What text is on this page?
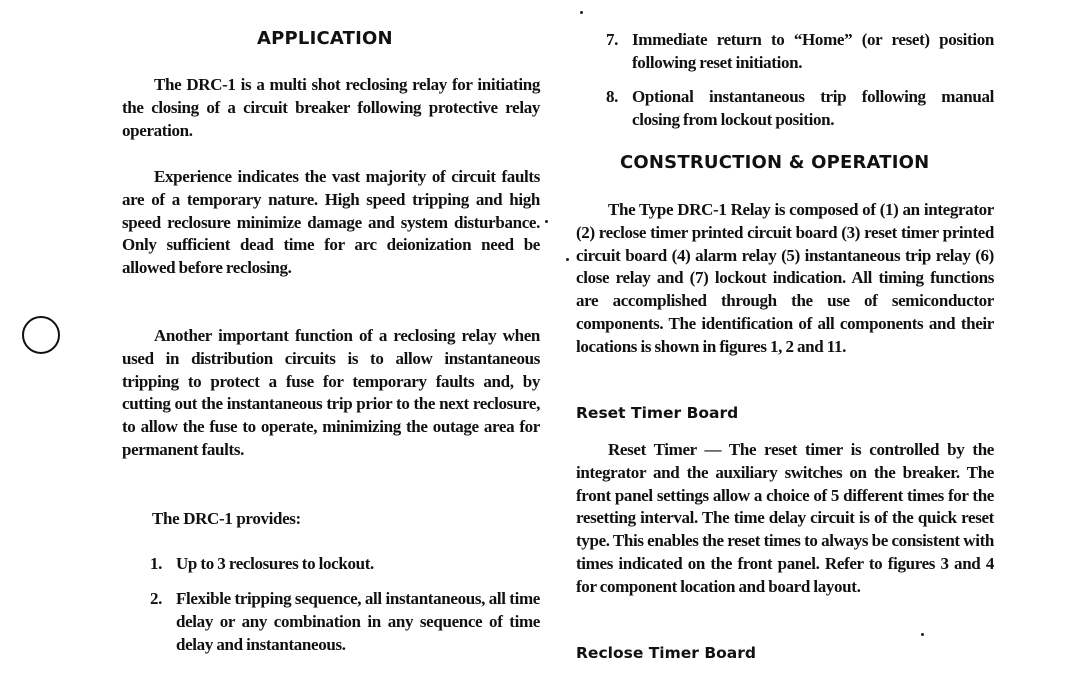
APPLICATION

The DRC-1 is a multi shot reclosing relay for initiating the closing of a circuit breaker following protective relay operation.

Experience indicates the vast majority of circuit faults are of a temporary nature. High speed tripping and high speed reclosure minimize damage and system disturbance. Only sufficient dead time for arc deionization need be allowed before reclosing.

Another important function of a reclosing relay when used in distribution circuits is to allow instantaneous tripping to protect a fuse for temporary faults and, by cutting out the instantaneous trip prior to the next reclosure, to allow the fuse to operate, minimizing the outage area for permanent faults.

The DRC-1 provides:

1. Up to 3 reclosures to lockout.
2. Flexible tripping sequence, all instantaneous, all time delay or any combination in any sequence of time delay and instantaneous.
7. Immediate return to “Home” (or reset) position following reset initiation.
8. Optional instantaneous trip following manual closing from lockout position.
CONSTRUCTION & OPERATION

The Type DRC-1 Relay is composed of (1) an integrator (2) reclose timer printed circuit board (3) reset timer printed circuit board (4) alarm relay (5) instantaneous trip relay (6) close relay and (7) lockout indication. All timing functions are accomplished through the use of semiconductor components. The identification of all components and their locations is shown in figures 1, 2 and 11.

Reset Timer Board

Reset Timer — The reset timer is controlled by the integrator and the auxiliary switches on the breaker. The front panel settings allow a choice of 5 different times for the resetting interval. The time delay circuit is of the quick reset type. This enables the reset times to always be consistent with times indicated on the front panel. Refer to figures 3 and 4 for component location and board layout.

Reclose Timer Board
